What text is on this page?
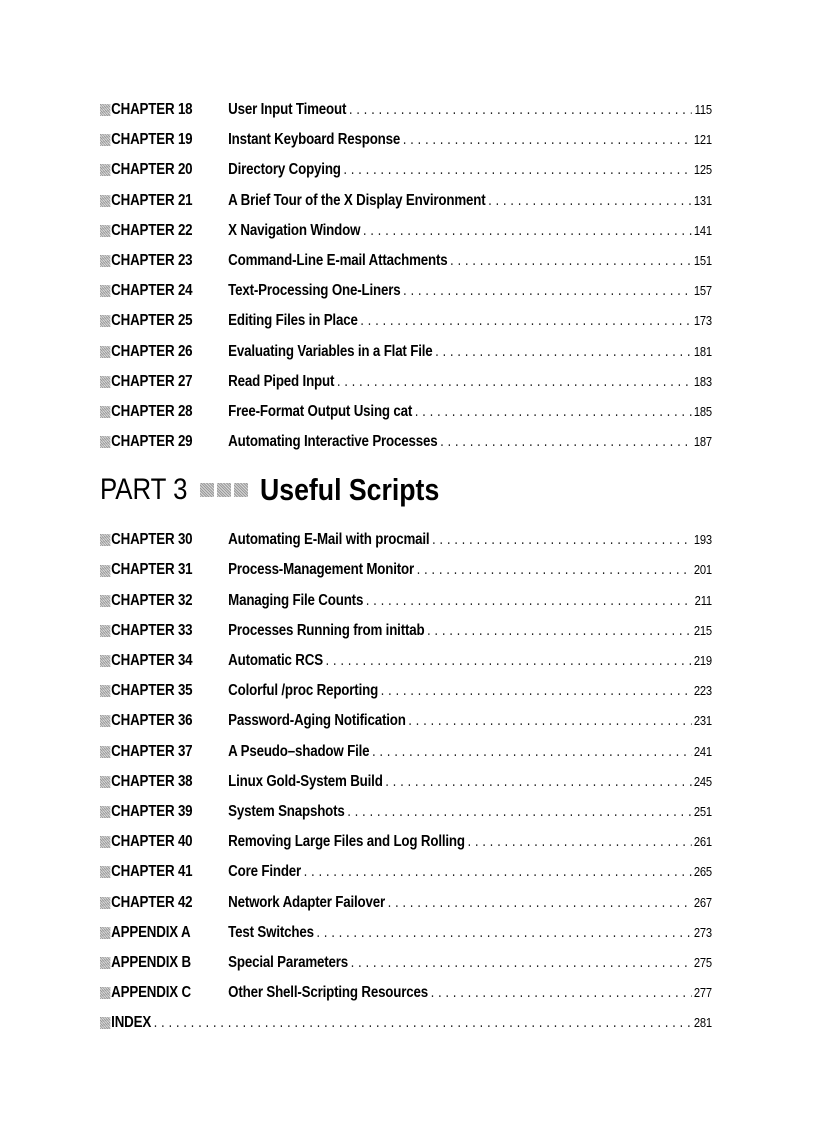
CHAPTER 18 User Input Timeout . . .	115
CHAPTER 19 Instant Keyboard Response . . .	121
CHAPTER 20 Directory Copying . . .	125
CHAPTER 21 A Brief Tour of the X Display Environment . . .	131
CHAPTER 22 X Navigation Window . . .	141
CHAPTER 23 Command-Line E-mail Attachments . . .	151
CHAPTER 24 Text-Processing One-Liners . . .	157
CHAPTER 25 Editing Files in Place . . .	173
CHAPTER 26 Evaluating Variables in a Flat File . . .	181
CHAPTER 27 Read Piped Input . . .	183
CHAPTER 28 Free-Format Output Using cat . . .	185
CHAPTER 29 Automating Interactive Processes . . .	187
PART 3 Useful Scripts
CHAPTER 30 Automating E-Mail with procmail . . .	193
CHAPTER 31 Process-Management Monitor . . .	201
CHAPTER 32 Managing File Counts . . .	211
CHAPTER 33 Processes Running from inittab . . .	215
CHAPTER 34 Automatic RCS . . .	219
CHAPTER 35 Colorful /proc Reporting . . .	223
CHAPTER 36 Password-Aging Notification . . .	231
CHAPTER 37 A Pseudo–shadow File . . .	241
CHAPTER 38 Linux Gold-System Build . . .	245
CHAPTER 39 System Snapshots . . .	251
CHAPTER 40 Removing Large Files and Log Rolling . . .	261
CHAPTER 41 Core Finder . . .	265
CHAPTER 42 Network Adapter Failover . . .	267
APPENDIX A Test Switches . . .	273
APPENDIX B Special Parameters . . .	275
APPENDIX C Other Shell-Scripting Resources . . .	277
INDEX . . .	281
